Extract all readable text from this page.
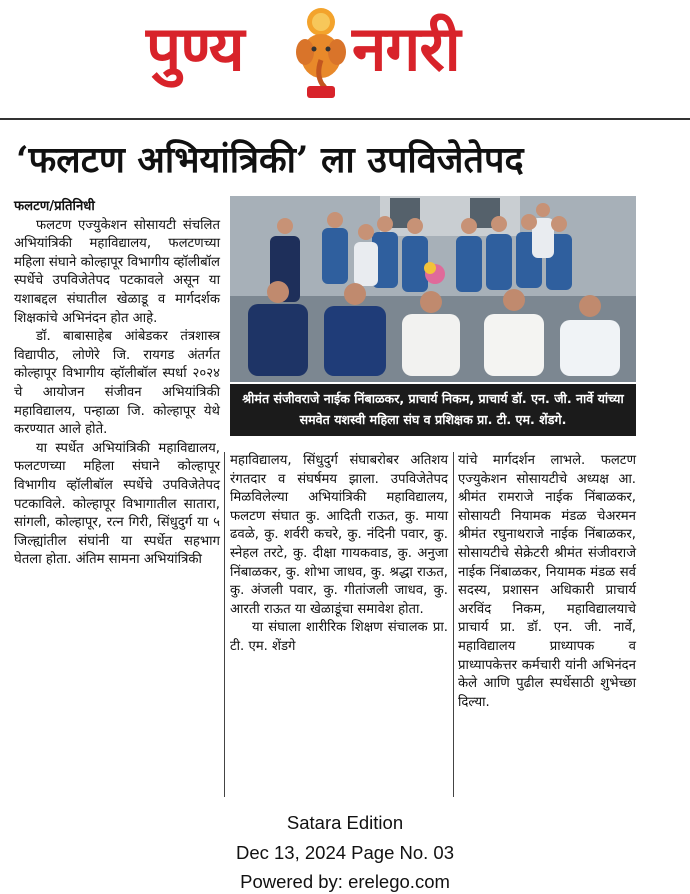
पुण्य नगरी
‘फलटण अभियांत्रिकी’ ला उपविजेतेपद

फलटण/प्रतिनिधी

फलटण एज्युकेशन सोसायटी संचलित अभियांत्रिकी महाविद्यालय, फलटणच्या महिला संघाने कोल्हापूर विभागीय व्हॉलीबॉल स्पर्धेचे उपविजेतेपद पटकावले असून या यशाबद्दल संघातील खेळाडू व मार्गदर्शक शिक्षकांचे अभिनंदन होत आहे.

डॉ. बाबासाहेब आंबेडकर तंत्रशास्त्र विद्यापीठ, लोणेरे जि. रायगड अंतर्गत कोल्हापूर विभागीय व्हॉलीबॉल स्पर्धा २०२४ चे आयोजन संजीवन अभियांत्रिकी महाविद्यालय, पन्हाळा जि. कोल्हापूर येथे करण्यात आले होते.

या स्पर्धेत अभियांत्रिकी महाविद्यालय, फलटणच्या महिला संघाने कोल्हापूर विभागीय व्हॉलीबॉल स्पर्धेचे उपविजेतेपद पटकाविले. कोल्हापूर विभागातील सातारा, सांगली, कोल्हापूर, रत्न गिरी, सिंधुदुर्ग या ५ जिल्ह्यांतील संघांनी या स्पर्धेत सहभाग घेतला होता. अंतिम सामना अभियांत्रिकी

श्रीमंत संजीवराजे नाईक निंबाळकर, प्राचार्य निकम, प्राचार्य डॉ. एन. जी. नार्वे यांच्या समवेत यशस्वी महिला संघ व प्रशिक्षक प्रा. टी. एम. शेंडगे.

महाविद्यालय, सिंधुदुर्ग संघाबरोबर अतिशय रंगतदार व संघर्षमय झाला. उपविजेतेपद मिळविलेल्या अभियांत्रिकी महाविद्यालय, फलटण संघात कु. आदिती राऊत, कु. माया ढवळे, कु. शर्वरी कचरे, कु. नंदिनी पवार, कु. स्नेहल तरटे, कु. दीक्षा गायकवाड, कु. अनुजा निंबाळकर, कु. शोभा जाधव, कु. श्रद्धा राऊत, कु. अंजली पवार, कु. गीतांजली जाधव, कु. आरती राऊत या खेळाडूंचा समावेश होता.

या संघाला शारीरिक शिक्षण संचालक प्रा. टी. एम. शेंडगे

यांचे मार्गदर्शन लाभले. फलटण एज्युकेशन सोसायटीचे अध्यक्ष आ. श्रीमंत रामराजे नाईक निंबाळकर, सोसायटी नियामक मंडळ चेअरमन श्रीमंत रघुनाथराजे नाईक निंबाळकर, सोसायटीचे सेक्रेटरी श्रीमंत संजीवराजे नाईक निंबाळकर, नियामक मंडळ सर्व सदस्य, प्रशासन अधिकारी प्राचार्य अरविंद निकम, महाविद्यालयाचे प्राचार्य प्रा. डॉ. एन. जी. नार्वे, महाविद्यालय प्राध्यापक व प्राध्यापकेत्तर कर्मचारी यांनी अभिनंदन केले आणि पुढील स्पर्धेसाठी शुभेच्छा दिल्या.

Satara Edition
Dec 13, 2024 Page No. 03
Powered by: erelego.com
